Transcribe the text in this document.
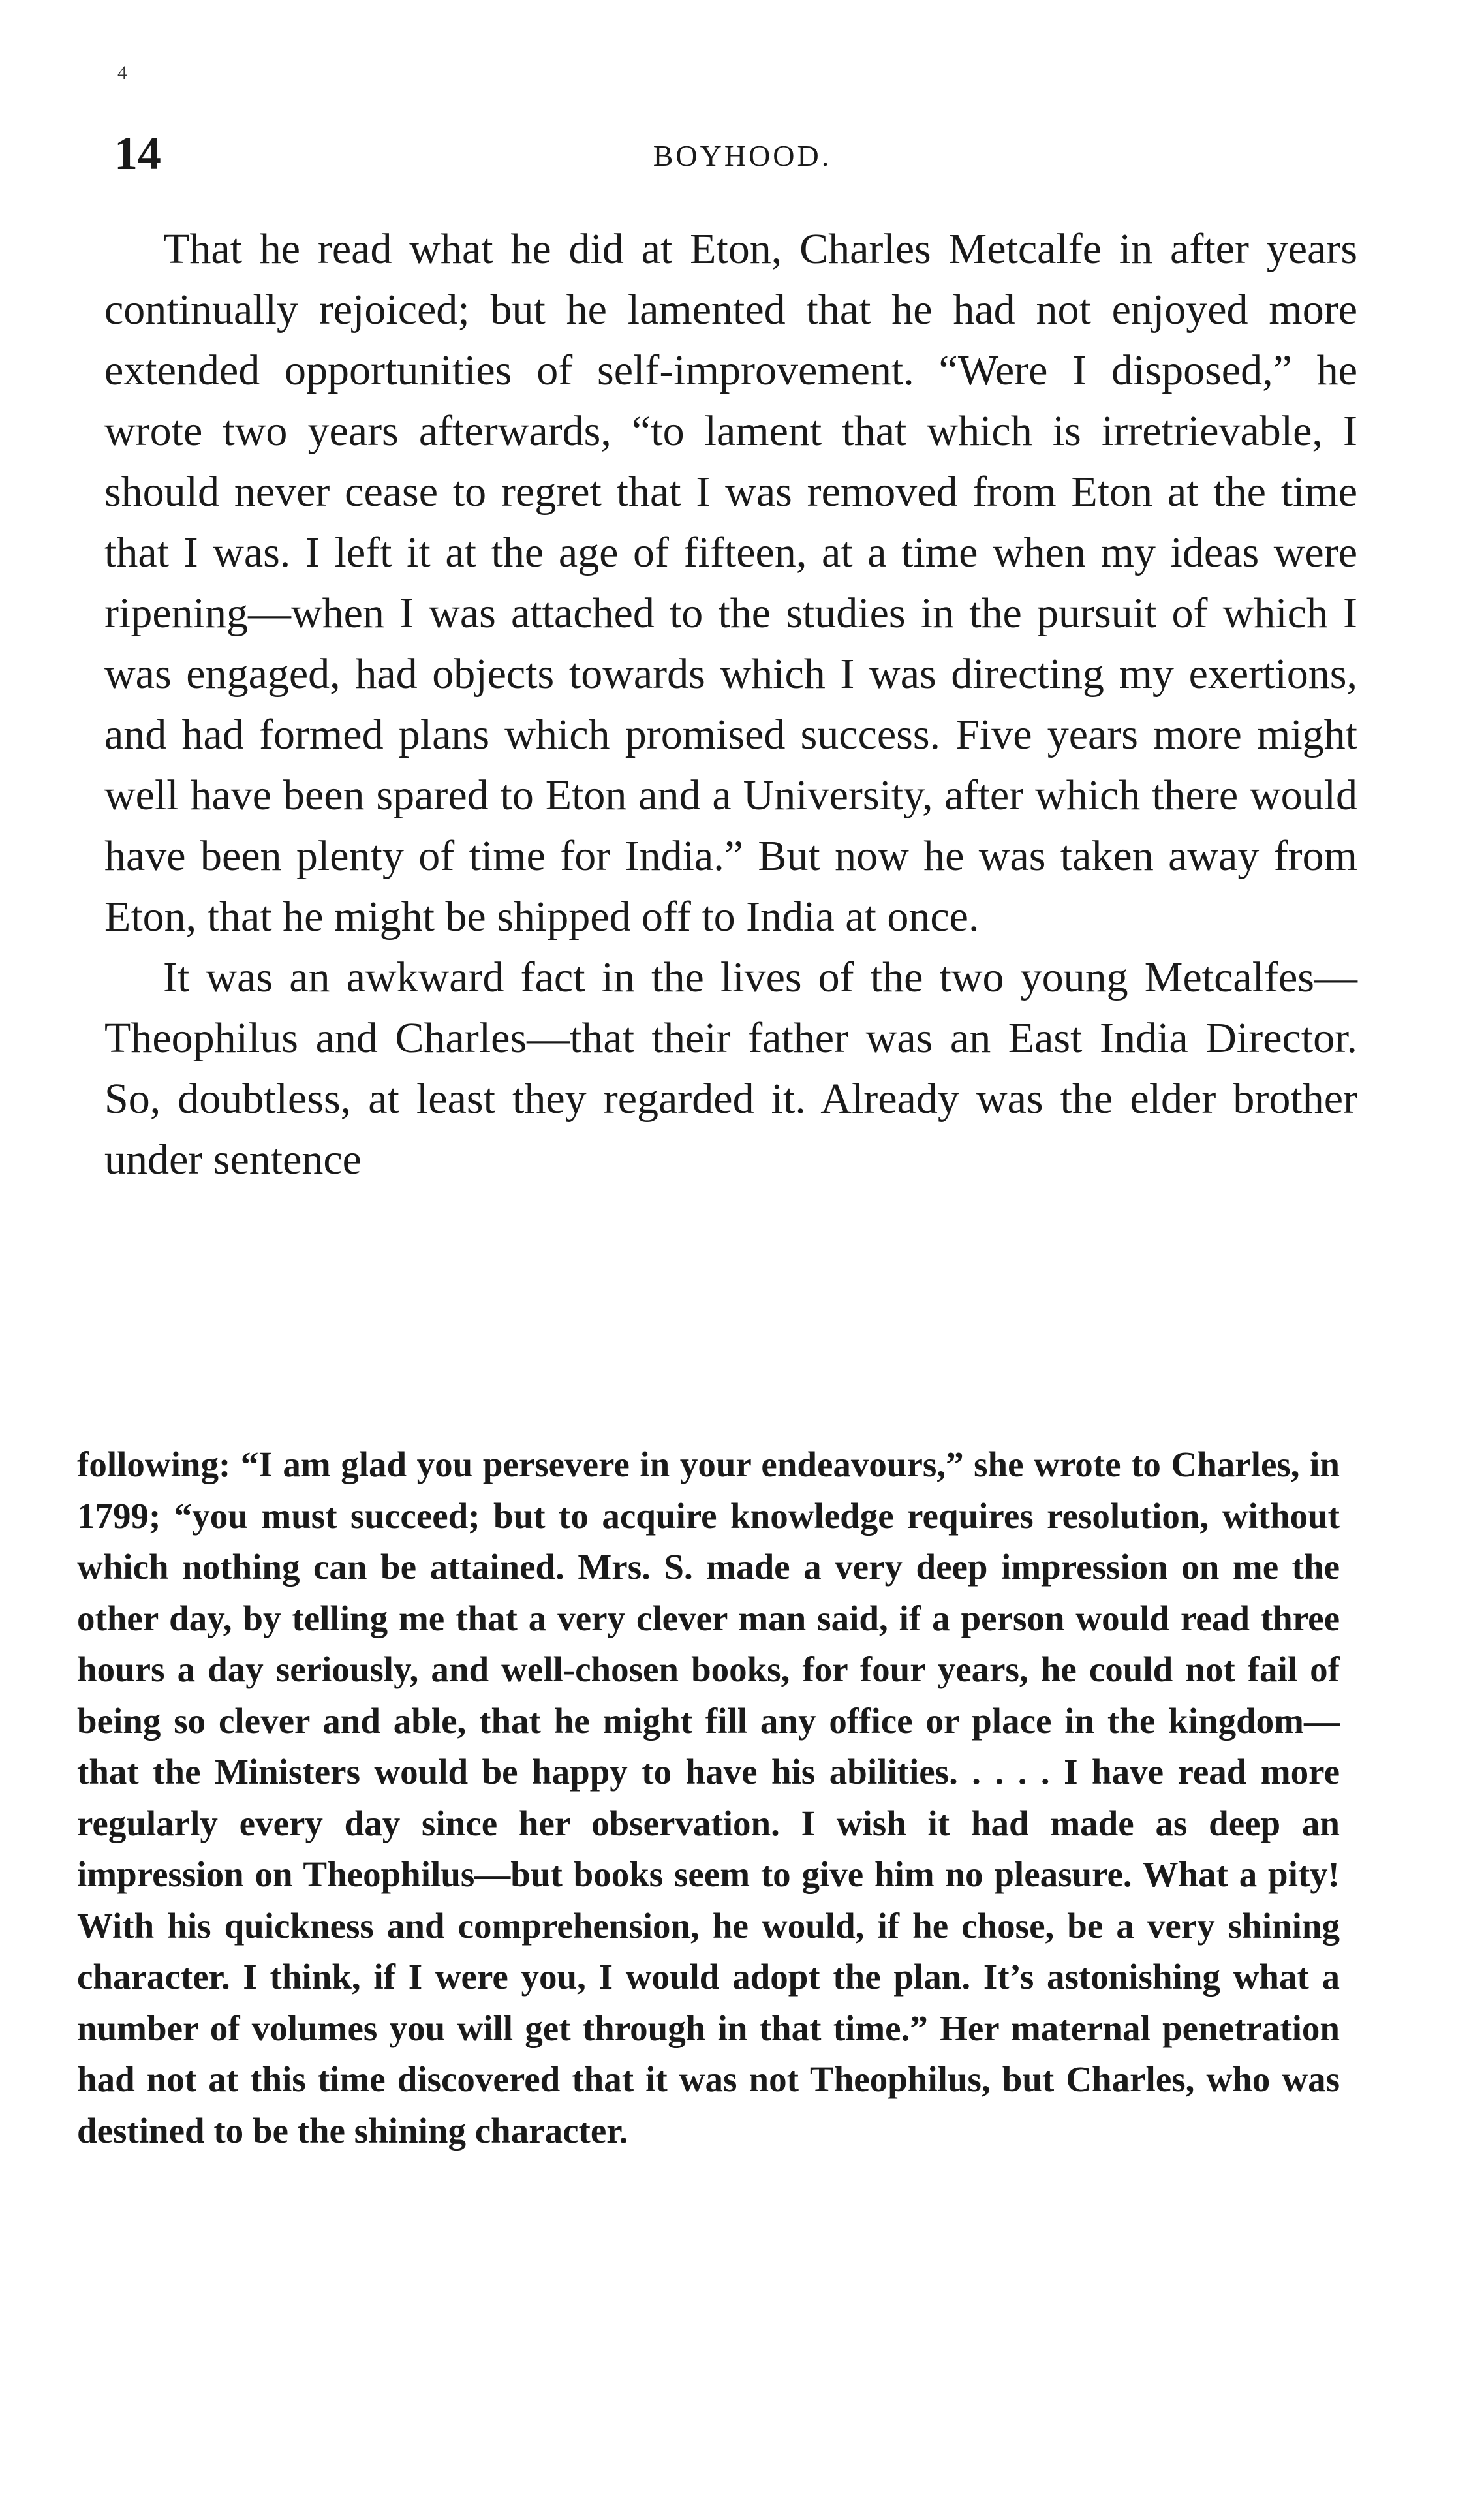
4
14	BOYHOOD.

That he read what he did at Eton, Charles Metcalfe in after years continually rejoiced; but he lamented that he had not enjoyed more extended opportunities of self-improvement. “Were I disposed,” he wrote two years afterwards, “to lament that which is irretrievable, I should never cease to regret that I was removed from Eton at the time that I was. I left it at the age of fifteen, at a time when my ideas were ripening—when I was attached to the studies in the pursuit of which I was engaged, had objects towards which I was directing my exertions, and had formed plans which promised success. Five years more might well have been spared to Eton and a University, after which there would have been plenty of time for India.” But now he was taken away from Eton, that he might be shipped off to India at once.

It was an awkward fact in the lives of the two young Metcalfes—Theophilus and Charles—that their father was an East India Director. So, doubtless, at least they regarded it. Already was the elder brother under sentence

following: “I am glad you persevere in your endeavours,” she wrote to Charles, in 1799; “you must succeed; but to acquire knowledge requires resolution, without which nothing can be attained. Mrs. S. made a very deep impression on me the other day, by telling me that a very clever man said, if a person would read three hours a day seriously, and well-chosen books, for four years, he could not fail of being so clever and able, that he might fill any office or place in the kingdom—that the Ministers would be happy to have his abilities. . . . . I have read more regularly every day since her observation. I wish it had made as deep an impression on Theophilus—but books seem to give him no pleasure. What a pity! With his quickness and comprehension, he would, if he chose, be a very shining character. I think, if I were you, I would adopt the plan. It’s astonishing what a number of volumes you will get through in that time.” Her maternal penetration had not at this time discovered that it was not Theophilus, but Charles, who was destined to be the shining character.
